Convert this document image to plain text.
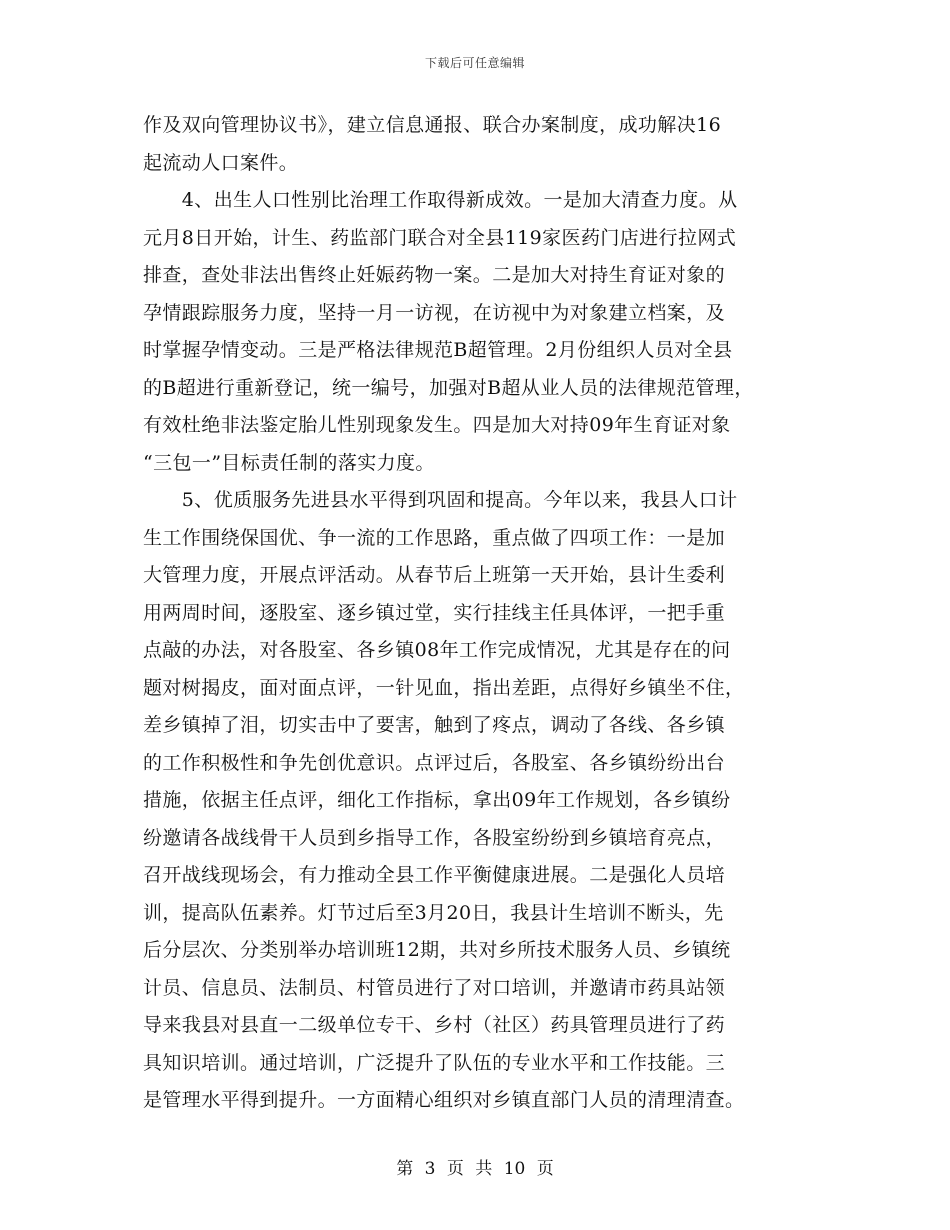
下载后可任意编辑
作及双向管理协议书》，建立信息通报、联合办案制度，成功解决16
起流动人口案件。
　　4、出生人口性别比治理工作取得新成效。一是加大清查力度。从
元月8日开始，计生、药监部门联合对全县119家医药门店进行拉网式
排查，查处非法出售终止妊娠药物一案。二是加大对持生育证对象的
孕情跟踪服务力度，坚持一月一访视，在访视中为对象建立档案，及
时掌握孕情变动。三是严格法律规范B超管理。2月份组织人员对全县
的B超进行重新登记，统一编号，加强对B超从业人员的法律规范管理，
有效杜绝非法鉴定胎儿性别现象发生。四是加大对持09年生育证对象
“三包一”目标责任制的落实力度。
　　5、优质服务先进县水平得到巩固和提高。今年以来，我县人口计
生工作围绕保国优、争一流的工作思路，重点做了四项工作：一是加
大管理力度，开展点评活动。从春节后上班第一天开始，县计生委利
用两周时间，逐股室、逐乡镇过堂，实行挂线主任具体评，一把手重
点敲的办法，对各股室、各乡镇08年工作完成情况，尤其是存在的问
题对树揭皮，面对面点评，一针见血，指出差距，点得好乡镇坐不住，
差乡镇掉了泪，切实击中了要害，触到了疼点，调动了各线、各乡镇
的工作积极性和争先创优意识。点评过后，各股室、各乡镇纷纷出台
措施，依据主任点评，细化工作指标，拿出09年工作规划，各乡镇纷
纷邀请各战线骨干人员到乡指导工作，各股室纷纷到乡镇培育亮点，
召开战线现场会，有力推动全县工作平衡健康进展。二是强化人员培
训，提高队伍素养。灯节过后至3月20日，我县计生培训不断头，先
后分层次、分类别举办培训班12期，共对乡所技术服务人员、乡镇统
计员、信息员、法制员、村管员进行了对口培训，并邀请市药具站领
导来我县对县直一二级单位专干、乡村（社区）药具管理员进行了药
具知识培训。通过培训，广泛提升了队伍的专业水平和工作技能。三
是管理水平得到提升。一方面精心组织对乡镇直部门人员的清理清查。
第 3 页 共 10 页
